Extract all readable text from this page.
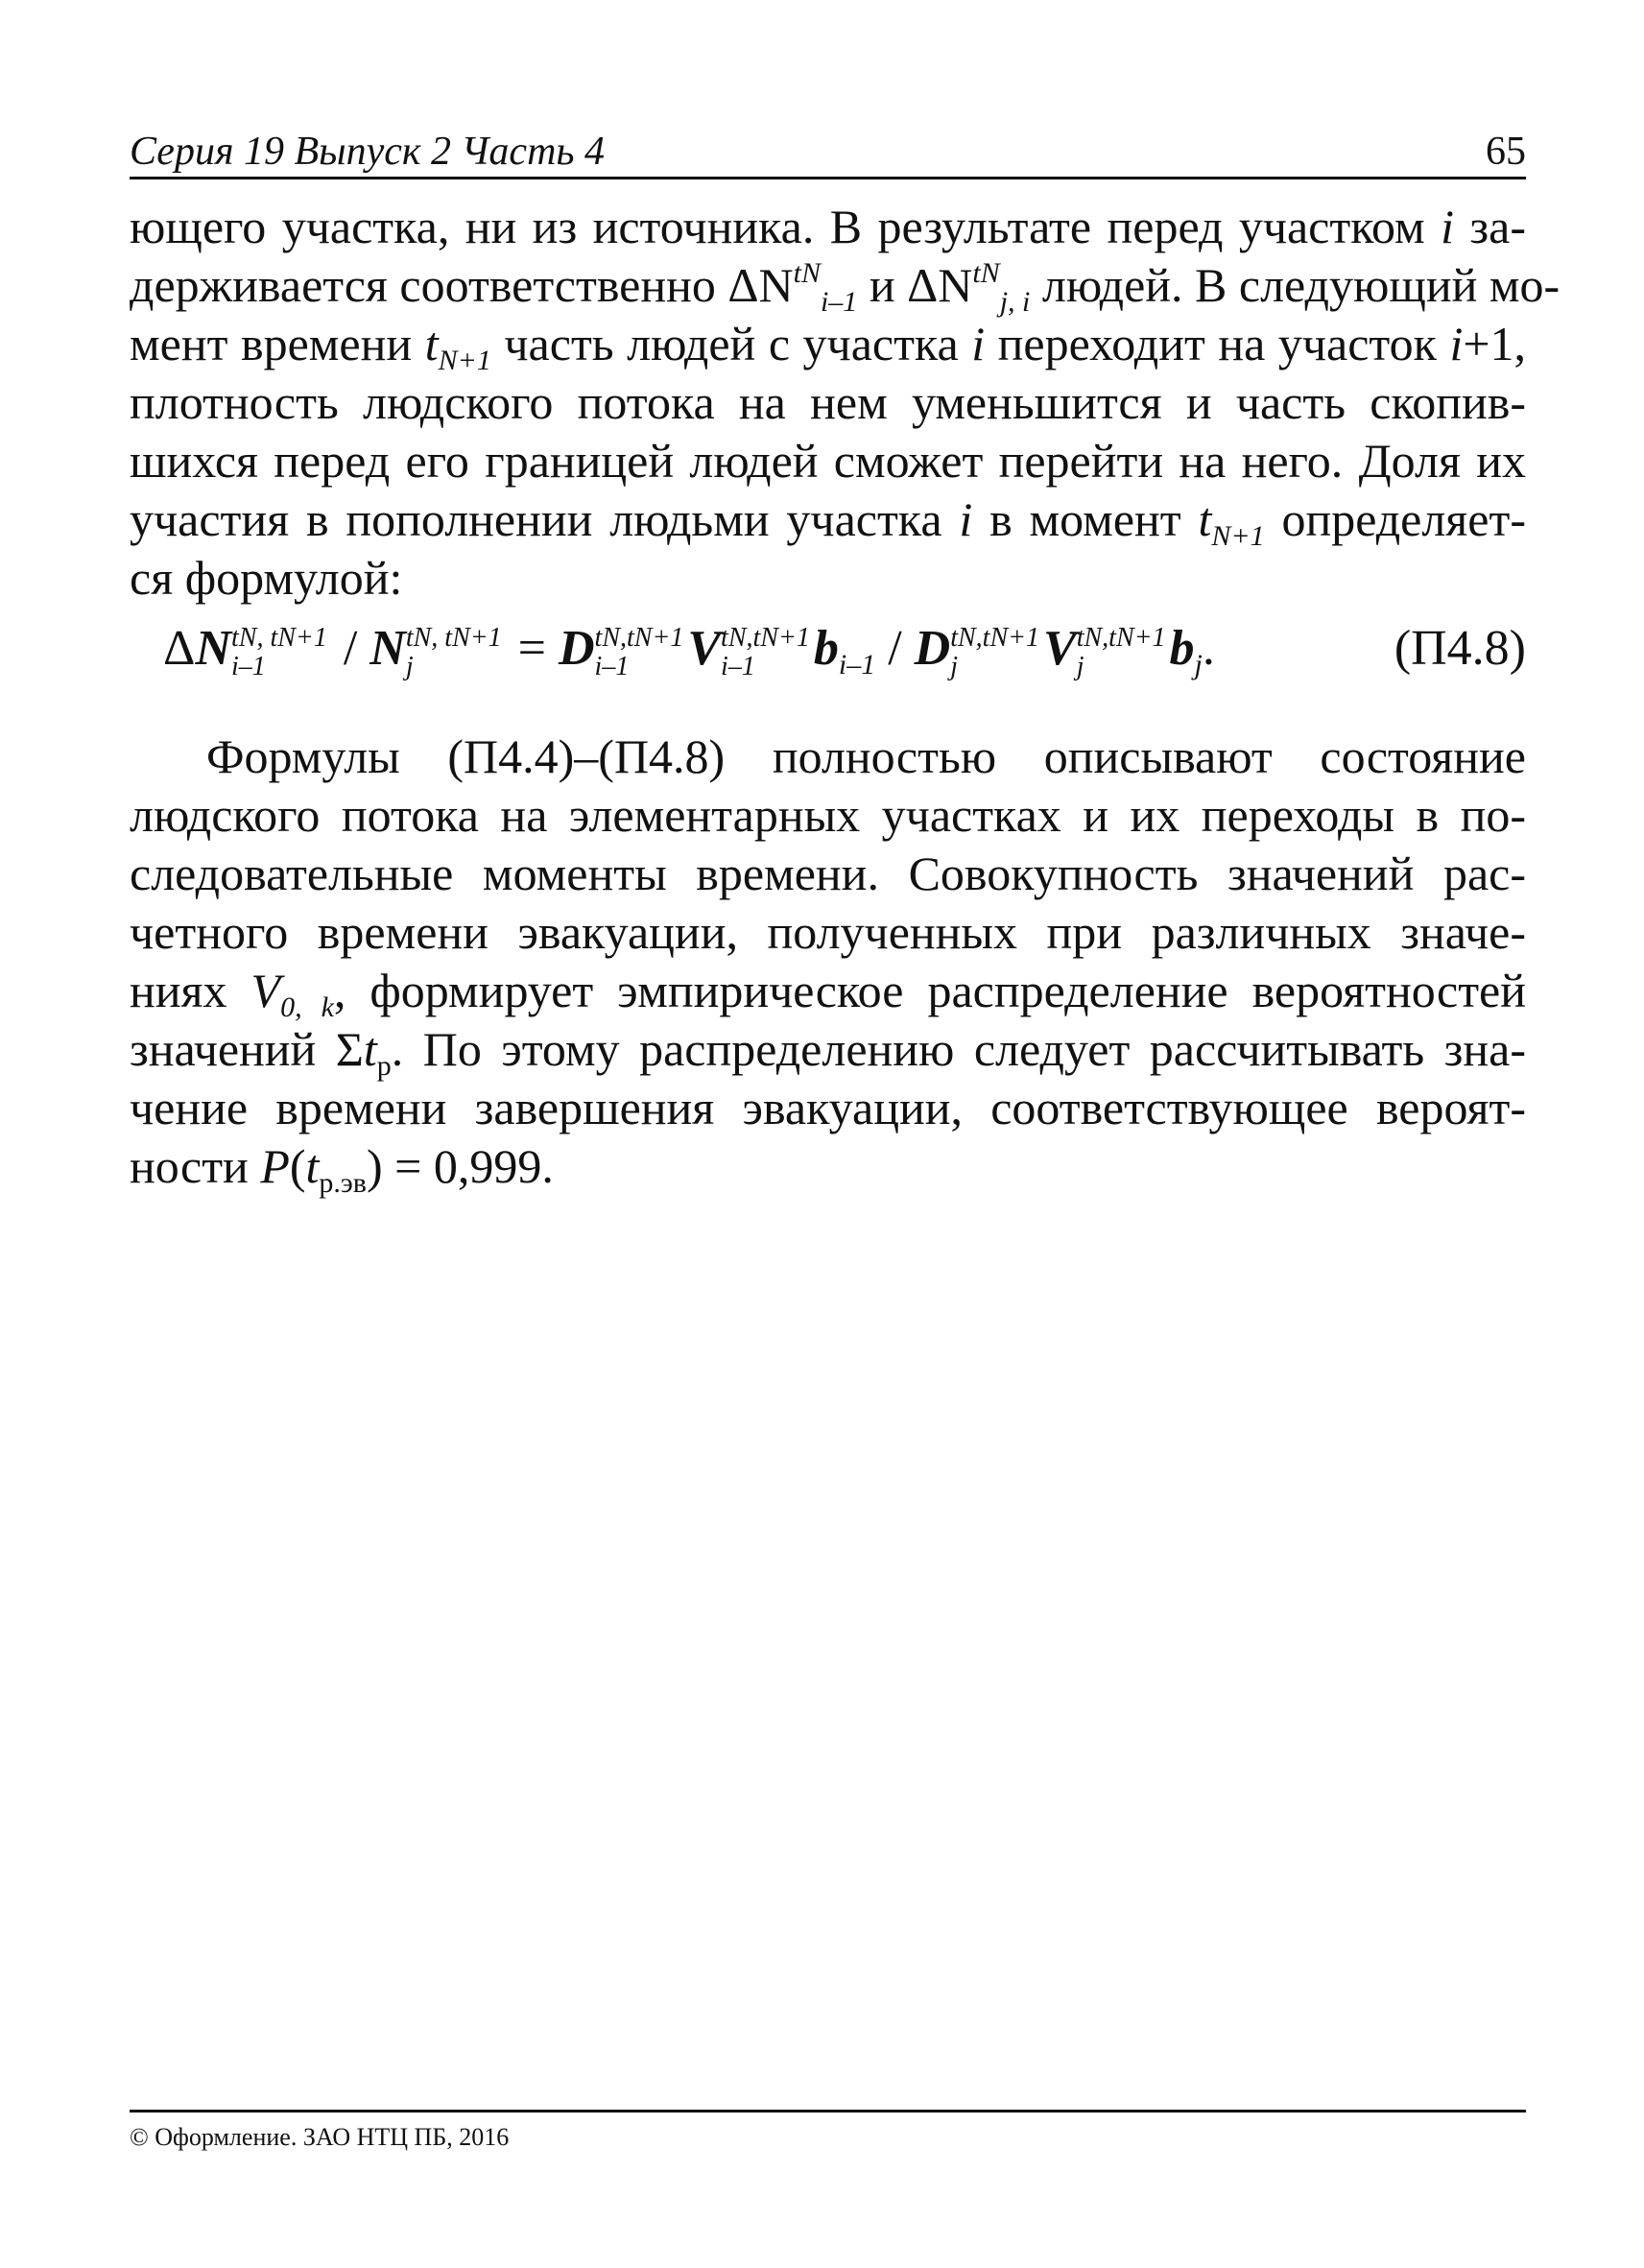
Серия 19 Выпуск 2 Часть 4	65
ющего участка, ни из источника. В результате перед участком i за-
держивается соответственно $\Delta N^{tN}_{i-1}$ и $\Delta N^{tN}_{j, i}$ людей. В следующий мо-
мент времени $t_{N+1}$ часть людей с участка i переходит на участок i+1,
плотность людского потока на нем уменьшится и часть скопив-
шихся перед его границей людей сможет перейти на него. Доля их
участия в пополнении людьми участка i в момент $t_{N+1}$ определяет-
ся формулой:
ΔN tN, tN+1
i–1	/ N tN, tN+1
j	= D tN,tN+1
i–1	V tN,tN+1
i–1	$b_{i-1}$ / D tN,tN+1
j	V tN,tN+1
j	$b_j$.	(П4.8)
Формулы (П4.4)–(П4.8) полностью описывают состояние
людского потока на элементарных участках и их переходы в по-
следовательные моменты времени. Совокупность значений рас-
четного времени эвакуации, полученных при различных значе-
ниях $V_{0, k}$, формирует эмпирическое распределение вероятностей
значений $\Sigma t_р$. По этому распределению следует рассчитывать зна-
чение времени завершения эвакуации, соответствующее вероят-
ности $P(t_{р.эв}) = 0,999$.
© Оформление. ЗАО НТЦ ПБ, 2016
